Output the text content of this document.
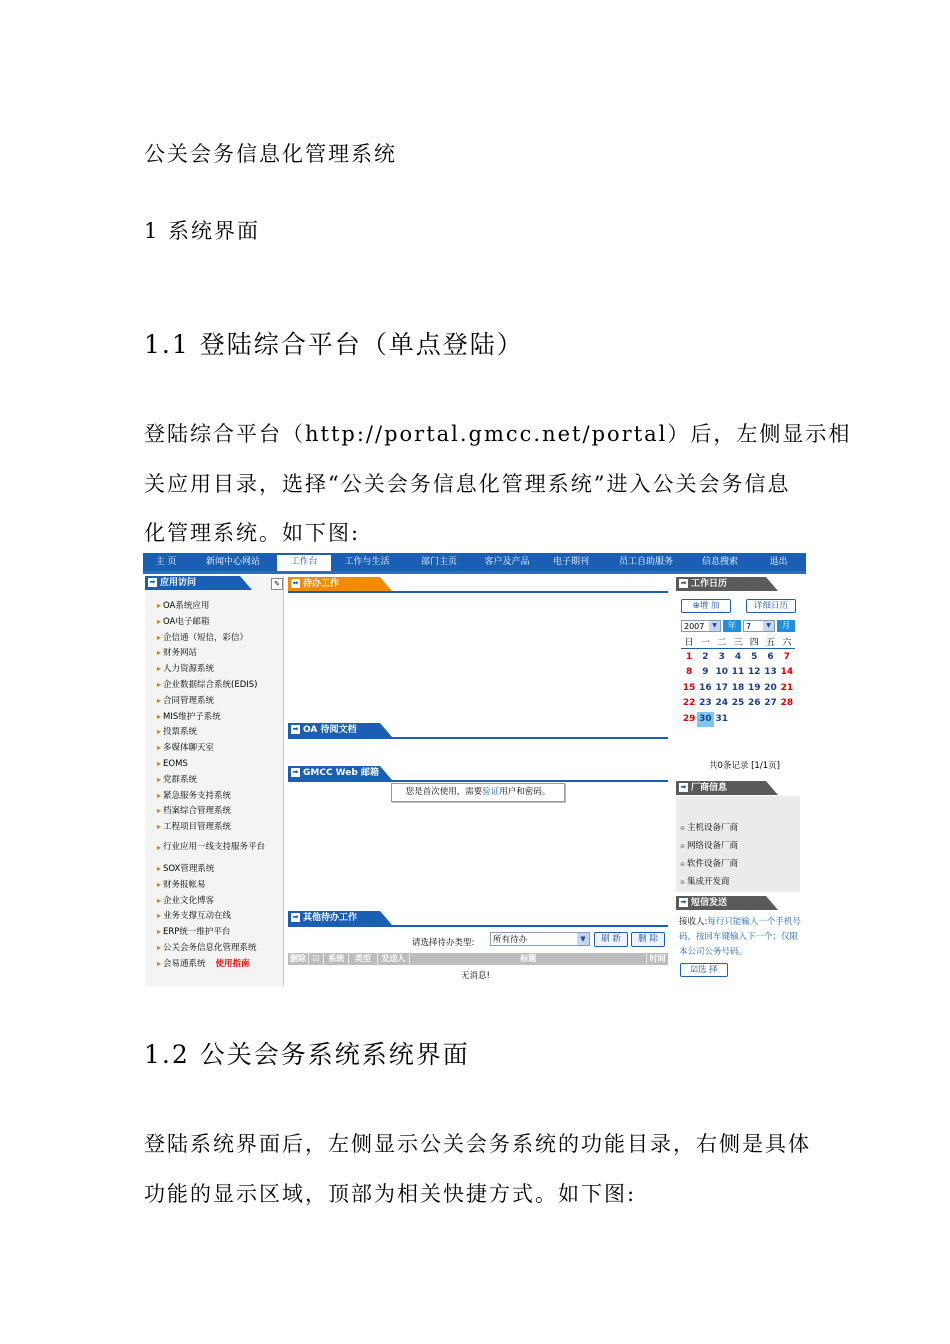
公关会务信息化管理系统
1 系统界面
1.1 登陆综合平台（单点登陆）
登陆综合平台（http://portal.gmcc.net/portal）后，左侧显示相
关应用目录，选择“公关会务信息化管理系统”进入公关会务信息
化管理系统。如下图:
主 页	新闻中心网站	工作台	工作与生活	部门主页	客户及产品	电子期刊	员工自助服务	信息搜索	退出
➡ 应用访问	✎
▸ OA系统应用
▸ OA电子邮箱
▸ 企信通（短信，彩信）
▸ 财务网站
▸ 人力资源系统
▸ 企业数据综合系统(EDIS)
▸ 合同管理系统
▸ MIS维护子系统
▸ 投票系统
▸ 多媒体聊天室
▸ EOMS
▸ 党群系统
▸ 紧急服务支持系统
▸ 档案综合管理系统
▸ 工程项目管理系统
▸ 行业应用一线支持服务平台
▸ SOX管理系统
▸ 财务报帐易
▸ 企业文化博客
▸ 业务支撑互动在线
▸ ERP统一维护平台
▸ 公关会务信息化管理系统
▸ 会易通系统 使用指南
➡ 待办工作
➡ OA 待阅文档
➡ GMCC Web 邮箱
您是首次使用，需要验证用户和密码。
➡ 其他待办工作
请选择待办类型:	所有待办	▼	刷 新	删 除
删除 ☑	系统	类型	发送人	标题	时间
无消息!
➡ 工作日历
⊕增 加	详细日历
2007	▼	年	7	▼	月
日 一 二 三 四 五 六
1	2	3	4	5	6	7
8	9 10 11 12 13 14
15 16 17 18 19 20 21
22 23 24 25 26 27 28
29 30 31
共0条记录 [1/1页]
➡ 厂商信息
⊕ 主机设备厂商
⊕ 网络设备厂商
⊕ 软件设备厂商
⊕ 集成开发商
➡ 短信发送
接收人:每行只能输入一个手机号码，按回车键输入下一个；仅限本公司公务号码。
☑选 择
1.2 公关会务系统系统界面
登陆系统界面后，左侧显示公关会务系统的功能目录，右侧是具体
功能的显示区域，顶部为相关快捷方式。如下图:
